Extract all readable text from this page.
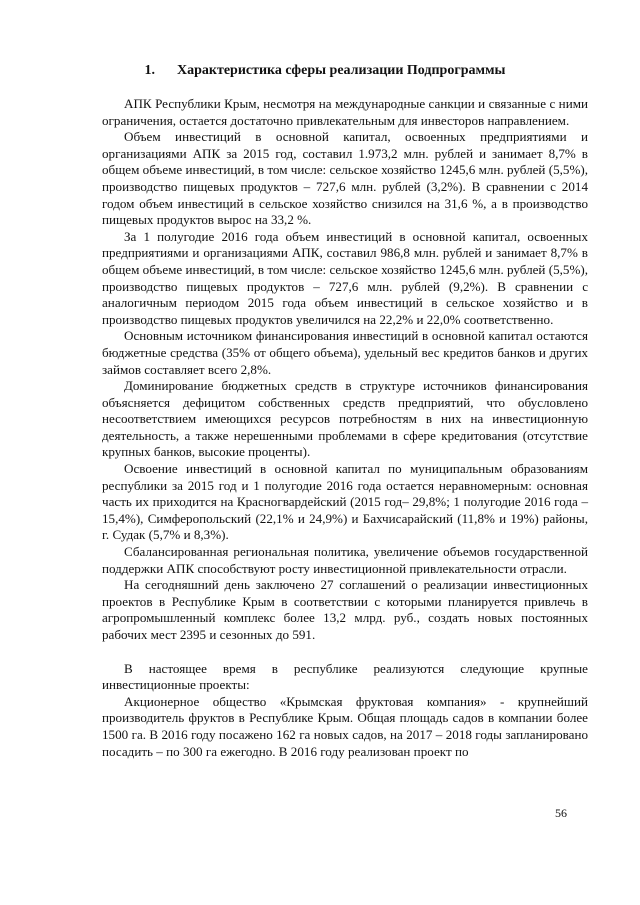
1. Характеристика сферы реализации Подпрограммы

АПК Республики Крым, несмотря на международные санкции и связанные с ними ограничения, остается достаточно привлекательным для инвесторов направлением.

Объем инвестиций в основной капитал, освоенных предприятиями и организациями АПК за 2015 год, составил 1.973,2 млн. рублей и занимает 8,7% в общем объеме инвестиций, в том числе: сельское хозяйство 1245,6 млн. рублей (5,5%), производство пищевых продуктов – 727,6 млн. рублей (3,2%). В сравнении с 2014 годом объем инвестиций в сельское хозяйство снизился на 31,6 %, а в производство пищевых продуктов вырос на 33,2 %.

За 1 полугодие 2016 года объем инвестиций в основной капитал, освоенных предприятиями и организациями АПК, составил 986,8 млн. рублей и занимает 8,7% в общем объеме инвестиций, в том числе: сельское хозяйство 1245,6 млн. рублей (5,5%), производство пищевых продуктов – 727,6 млн. рублей (9,2%). В сравнении с аналогичным периодом 2015 года объем инвестиций в сельское хозяйство и в производство пищевых продуктов увеличился на 22,2% и 22,0% соответственно.

Основным источником финансирования инвестиций в основной капитал остаются бюджетные средства (35% от общего объема), удельный вес кредитов банков и других займов составляет всего 2,8%.

Доминирование бюджетных средств в структуре источников финансирования объясняется дефицитом собственных средств предприятий, что обусловлено несоответствием имеющихся ресурсов потребностям в них на инвестиционную деятельность, а также нерешенными проблемами в сфере кредитования (отсутствие крупных банков, высокие проценты).

Освоение инвестиций в основной капитал по муниципальным образованиям республики за 2015 год и 1 полугодие 2016 года остается неравномерным: основная часть их приходится на Красногвардейский (2015 год– 29,8%; 1 полугодие 2016 года – 15,4%), Симферопольский (22,1% и 24,9%) и Бахчисарайский (11,8% и 19%) районы, г. Судак (5,7% и 8,3%).

Сбалансированная региональная политика, увеличение объемов государственной поддержки АПК способствуют росту инвестиционной привлекательности отрасли.

На сегодняшний день заключено 27 соглашений о реализации инвестиционных проектов в Республике Крым в соответствии с которыми планируется привлечь в агропромышленный комплекс более 13,2 млрд. руб., создать новых постоянных рабочих мест 2395 и сезонных до 591.

В настоящее время в республике реализуются следующие крупные инвестиционные проекты:

Акционерное общество «Крымская фруктовая компания» - крупнейший производитель фруктов в Республике Крым. Общая площадь садов в компании более 1500 га. В 2016 году посажено 162 га новых садов, на 2017 – 2018 годы запланировано посадить – по 300 га ежегодно. В 2016 году реализован проект по

56
